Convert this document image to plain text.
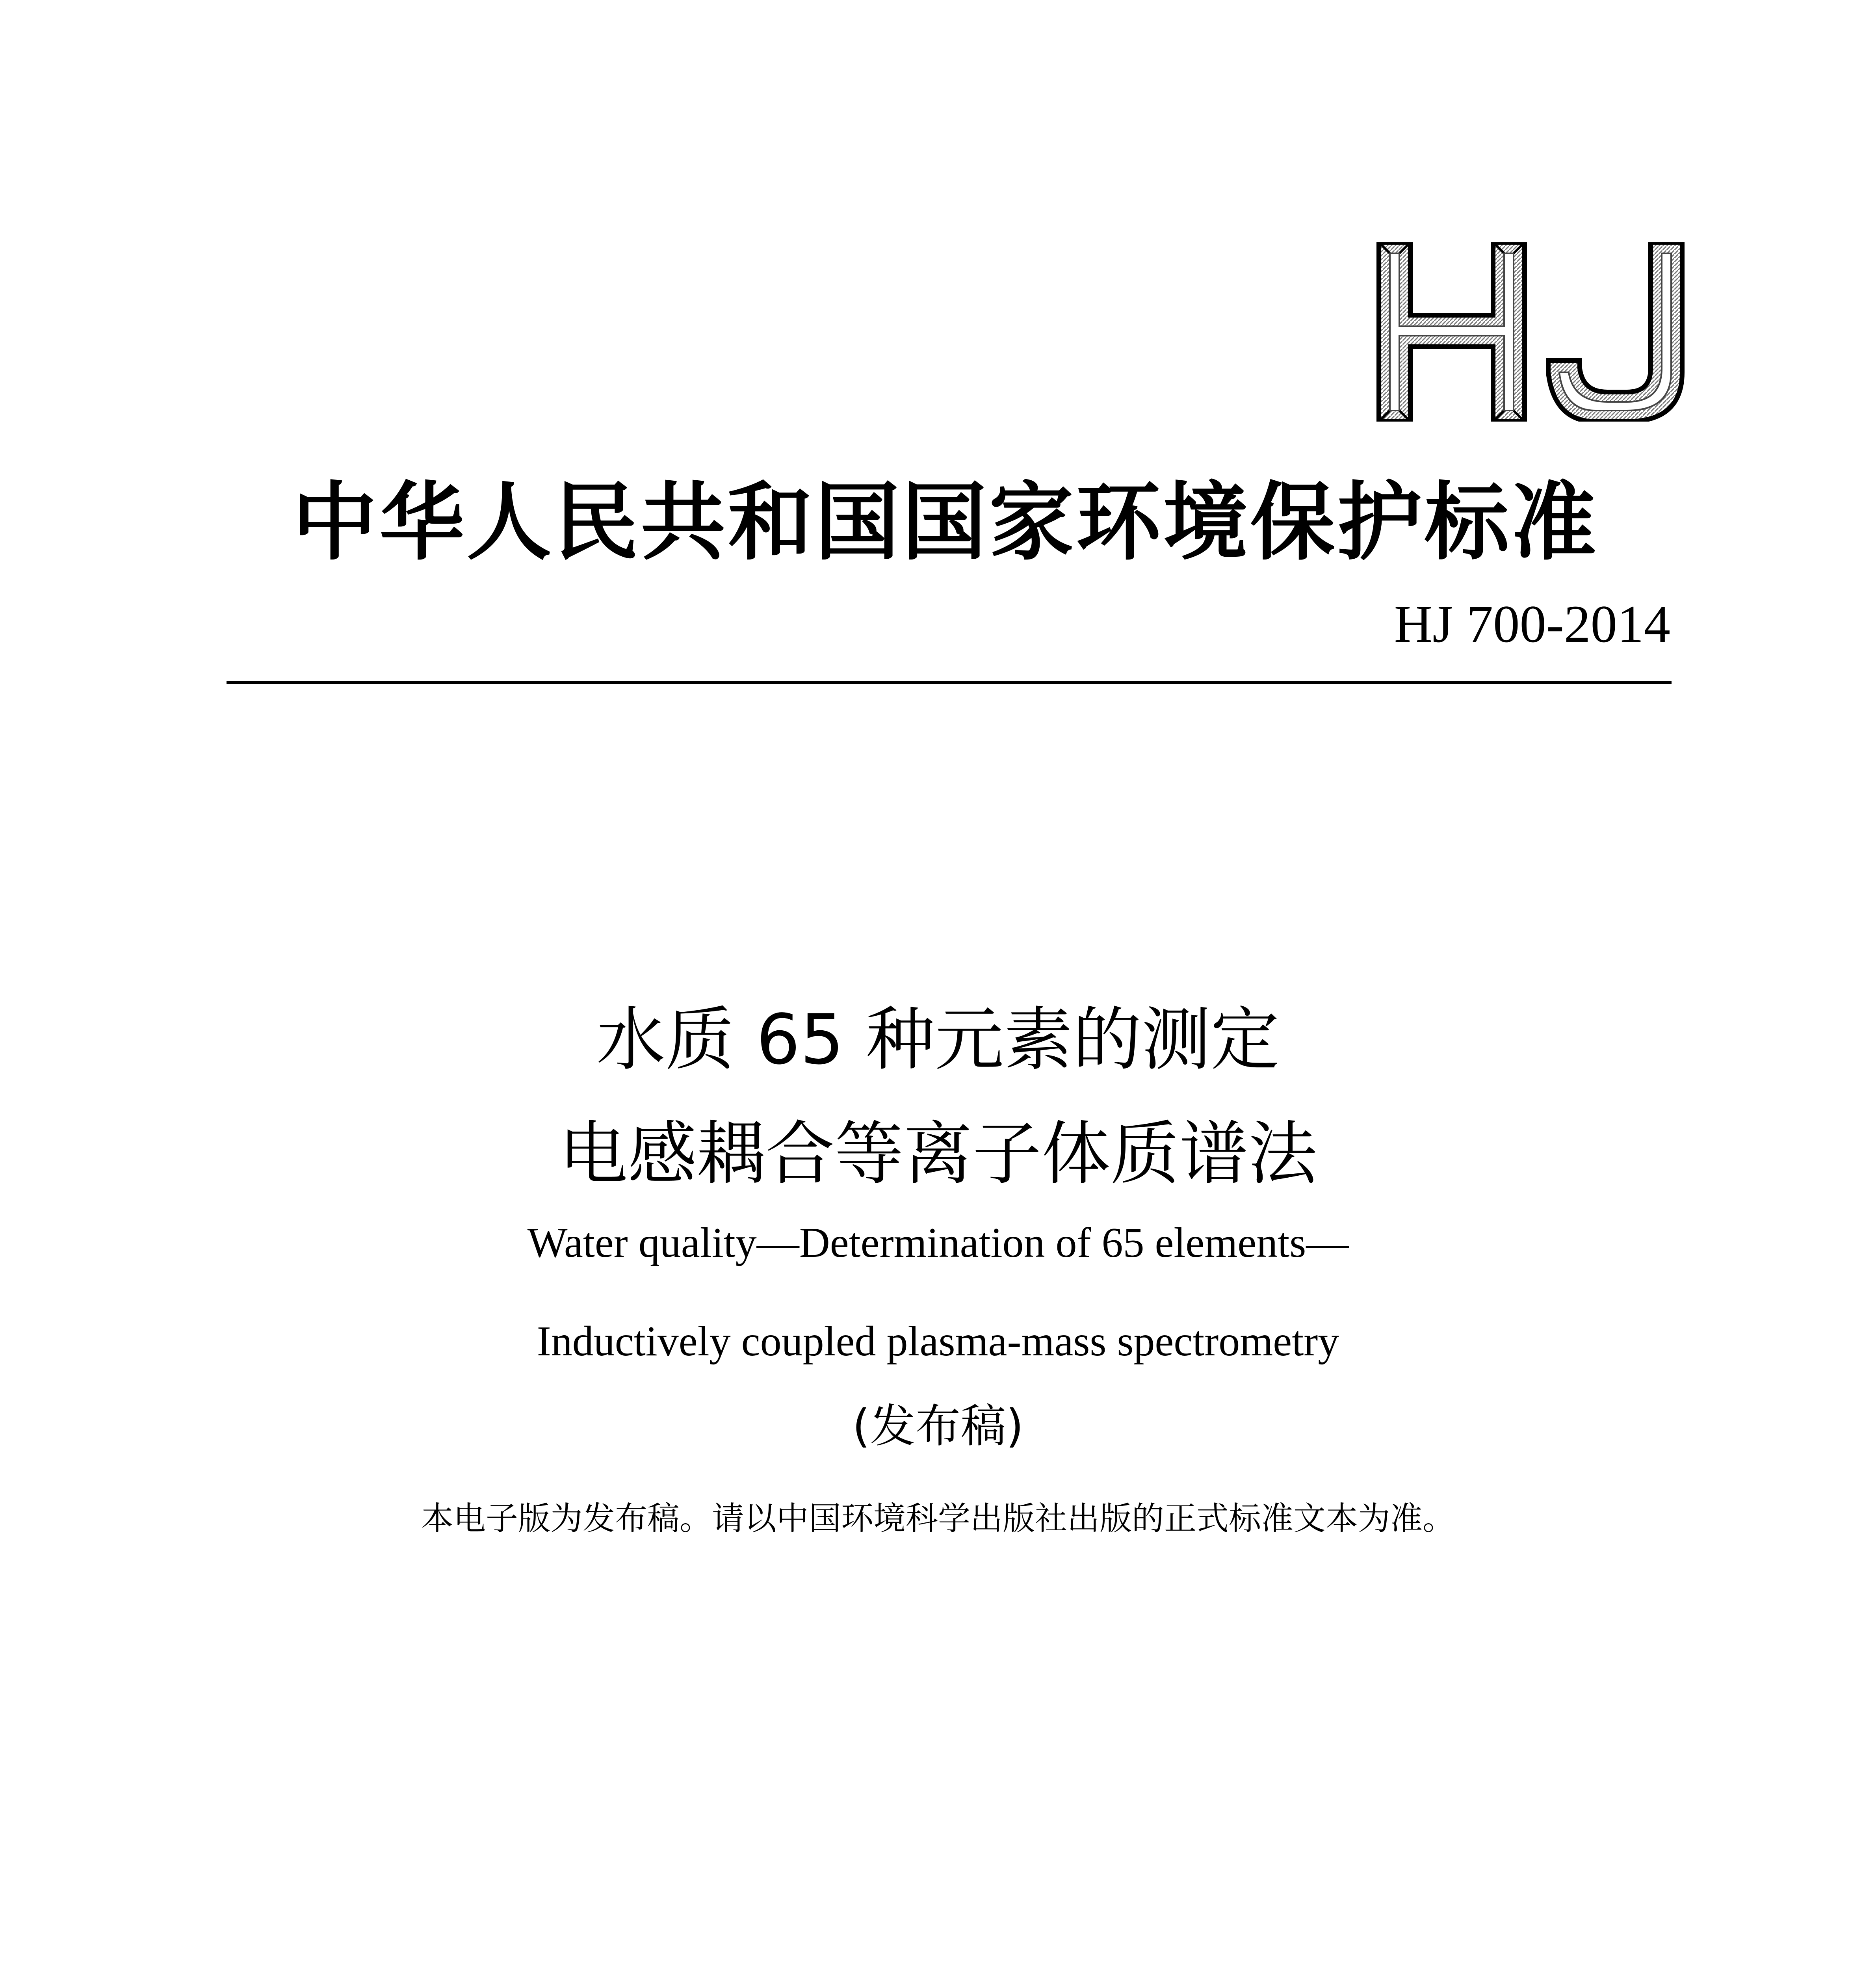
中华人民共和国国家环境保护标准
HJ 700-2014
水质 65 种元素的测定
电感耦合等离子体质谱法
Water quality—Determination of 65 elements—
Inductively coupled plasma-mass spectrometry
(发布稿)
本电子版为发布稿。请以中国环境科学出版社出版的正式标准文本为准。
